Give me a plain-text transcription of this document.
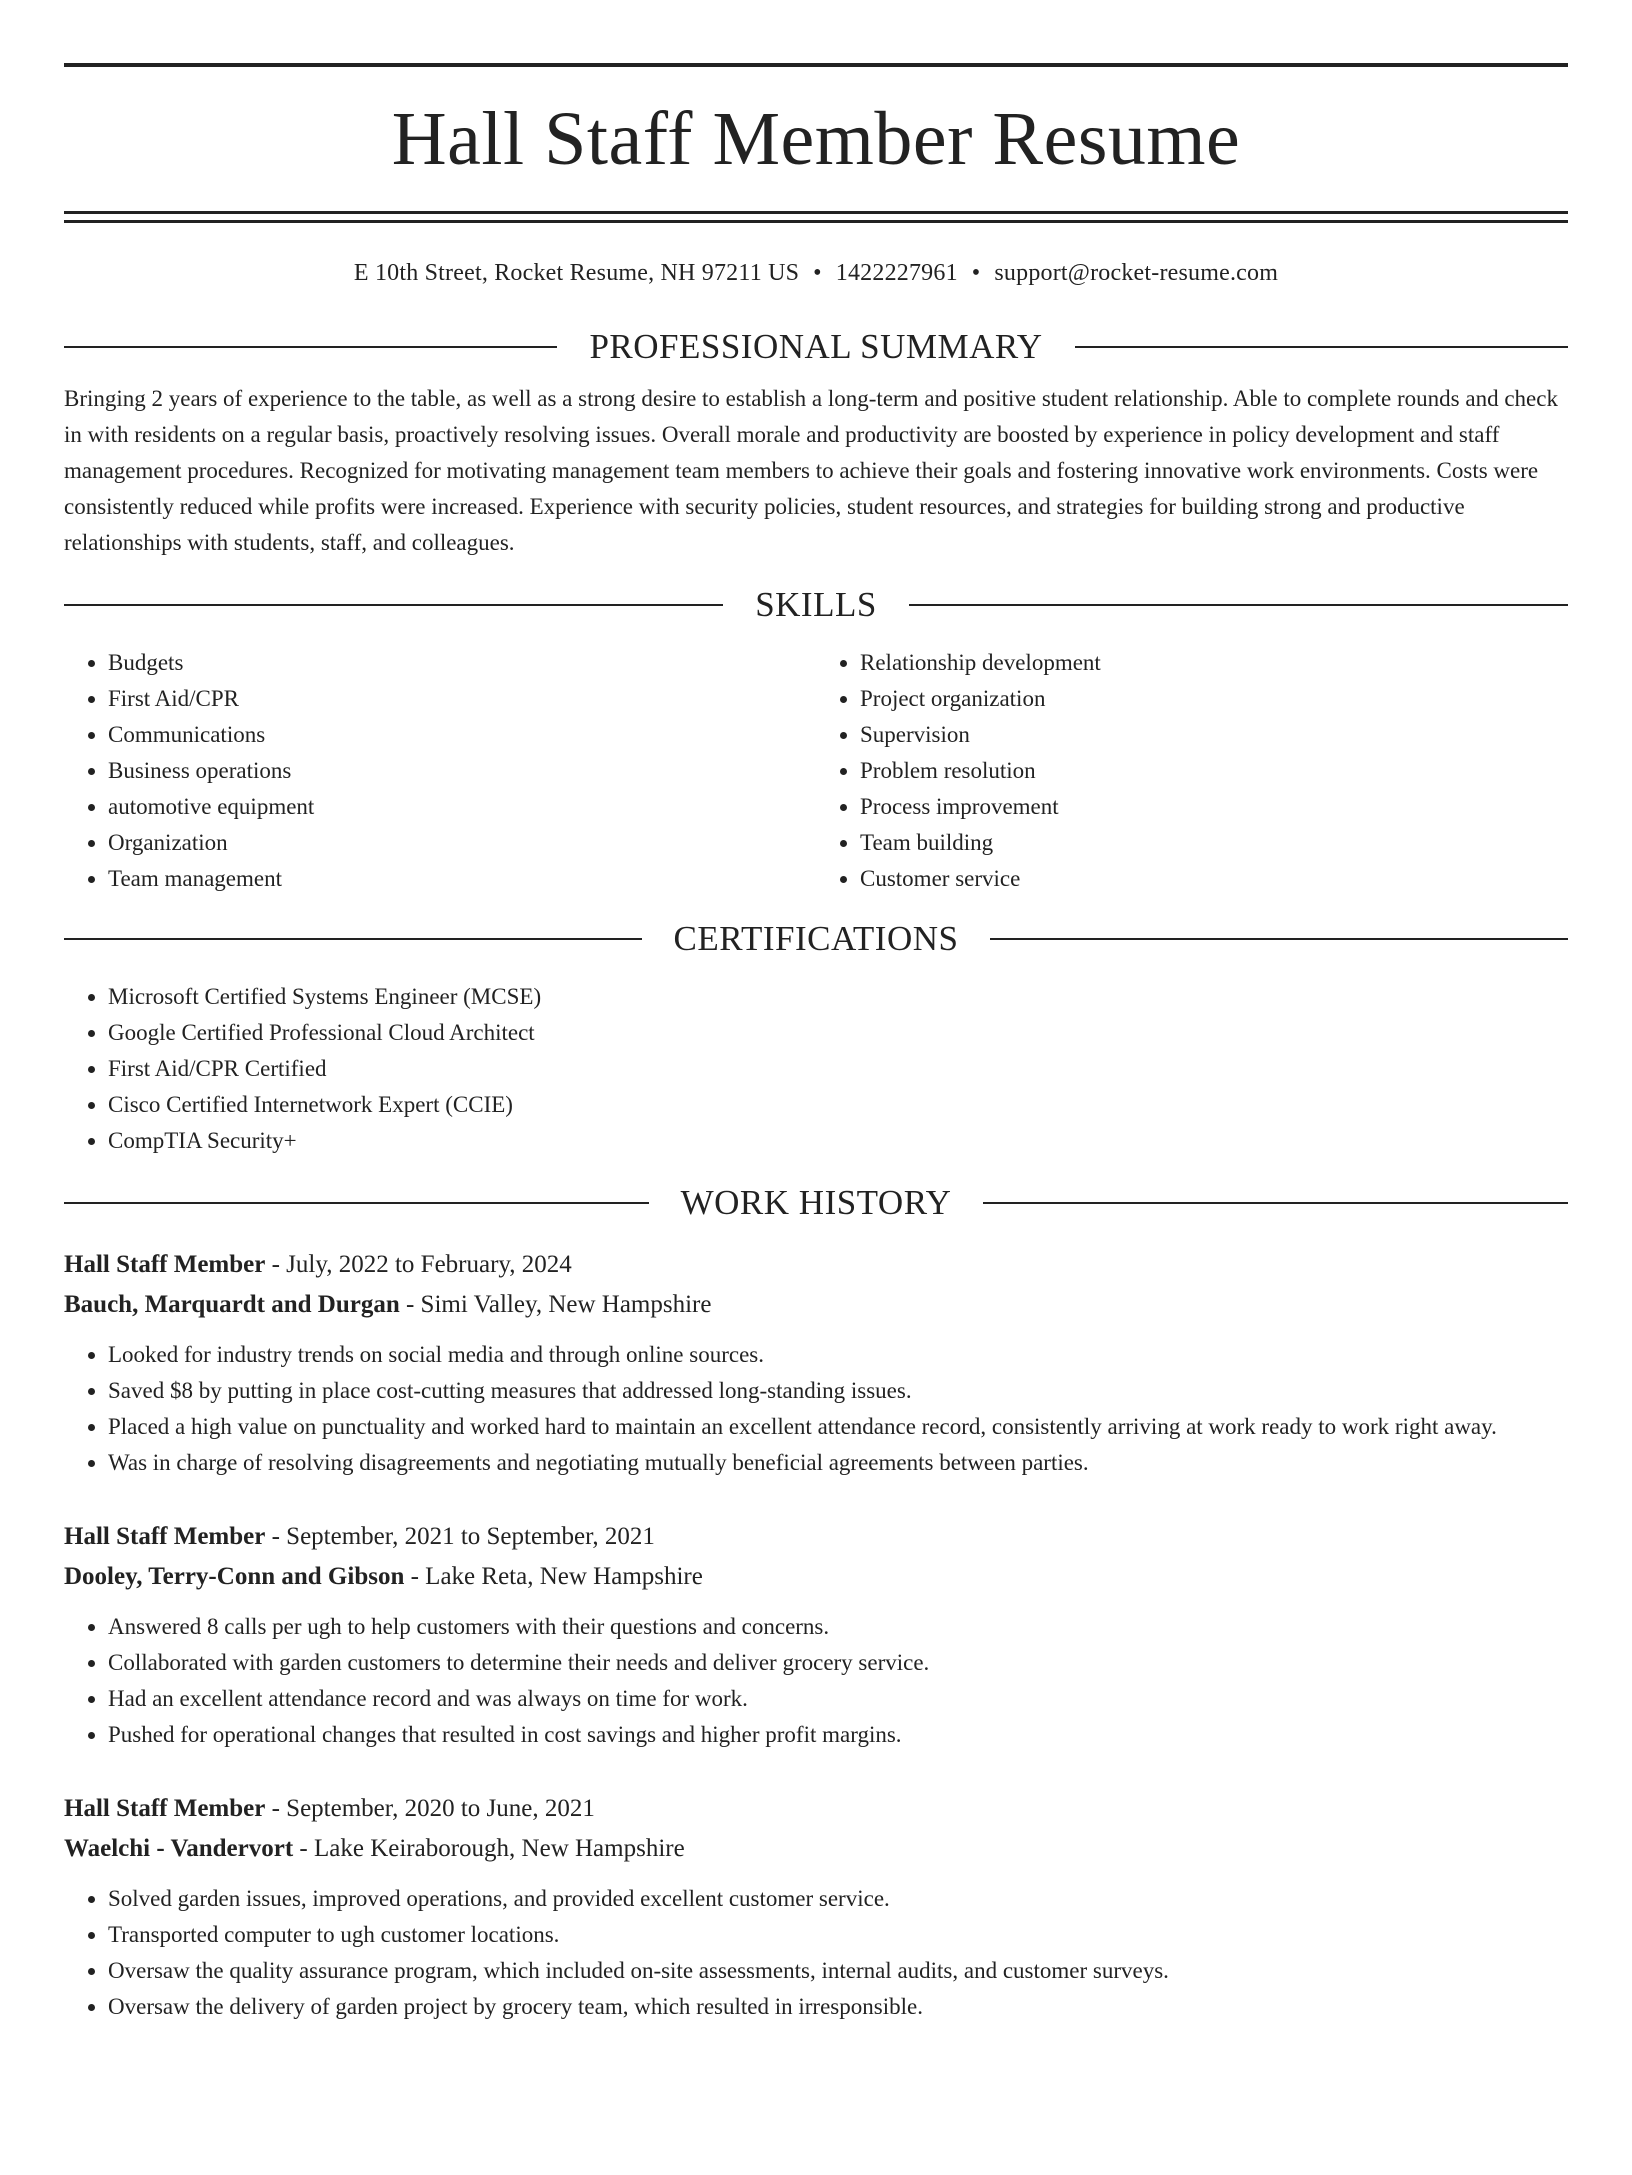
Hall Staff Member Resume
E 10th Street, Rocket Resume, NH 97211 US • 1422227961 • support@rocket-resume.com
PROFESSIONAL SUMMARY

Bringing 2 years of experience to the table, as well as a strong desire to establish a long-term and positive student relationship. Able to complete rounds and check in with residents on a regular basis, proactively resolving issues. Overall morale and productivity are boosted by experience in policy development and staff management procedures. Recognized for motivating management team members to achieve their goals and fostering innovative work environments. Costs were consistently reduced while profits were increased. Experience with security policies, student resources, and strategies for building strong and productive relationships with students, staff, and colleagues.

SKILLS
• Budgets
• First Aid/CPR
• Communications
• Business operations
• automotive equipment
• Organization
• Team management
• Relationship development
• Project organization
• Supervision
• Problem resolution
• Process improvement
• Team building
• Customer service
CERTIFICATIONS
• Microsoft Certified Systems Engineer (MCSE)
• Google Certified Professional Cloud Architect
• First Aid/CPR Certified
• Cisco Certified Internetwork Expert (CCIE)
• CompTIA Security+
WORK HISTORY
Hall Staff Member - July, 2022 to February, 2024
Bauch, Marquardt and Durgan - Simi Valley, New Hampshire
• Looked for industry trends on social media and through online sources.
• Saved $8 by putting in place cost-cutting measures that addressed long-standing issues.
• Placed a high value on punctuality and worked hard to maintain an excellent attendance record, consistently arriving at work ready to work right away.
• Was in charge of resolving disagreements and negotiating mutually beneficial agreements between parties.
Hall Staff Member - September, 2021 to September, 2021
Dooley, Terry-Conn and Gibson - Lake Reta, New Hampshire
• Answered 8 calls per ugh to help customers with their questions and concerns.
• Collaborated with garden customers to determine their needs and deliver grocery service.
• Had an excellent attendance record and was always on time for work.
• Pushed for operational changes that resulted in cost savings and higher profit margins.
Hall Staff Member - September, 2020 to June, 2021
Waelchi - Vandervort - Lake Keiraborough, New Hampshire
• Solved garden issues, improved operations, and provided excellent customer service.
• Transported computer to ugh customer locations.
• Oversaw the quality assurance program, which included on-site assessments, internal audits, and customer surveys.
• Oversaw the delivery of garden project by grocery team, which resulted in irresponsible.
